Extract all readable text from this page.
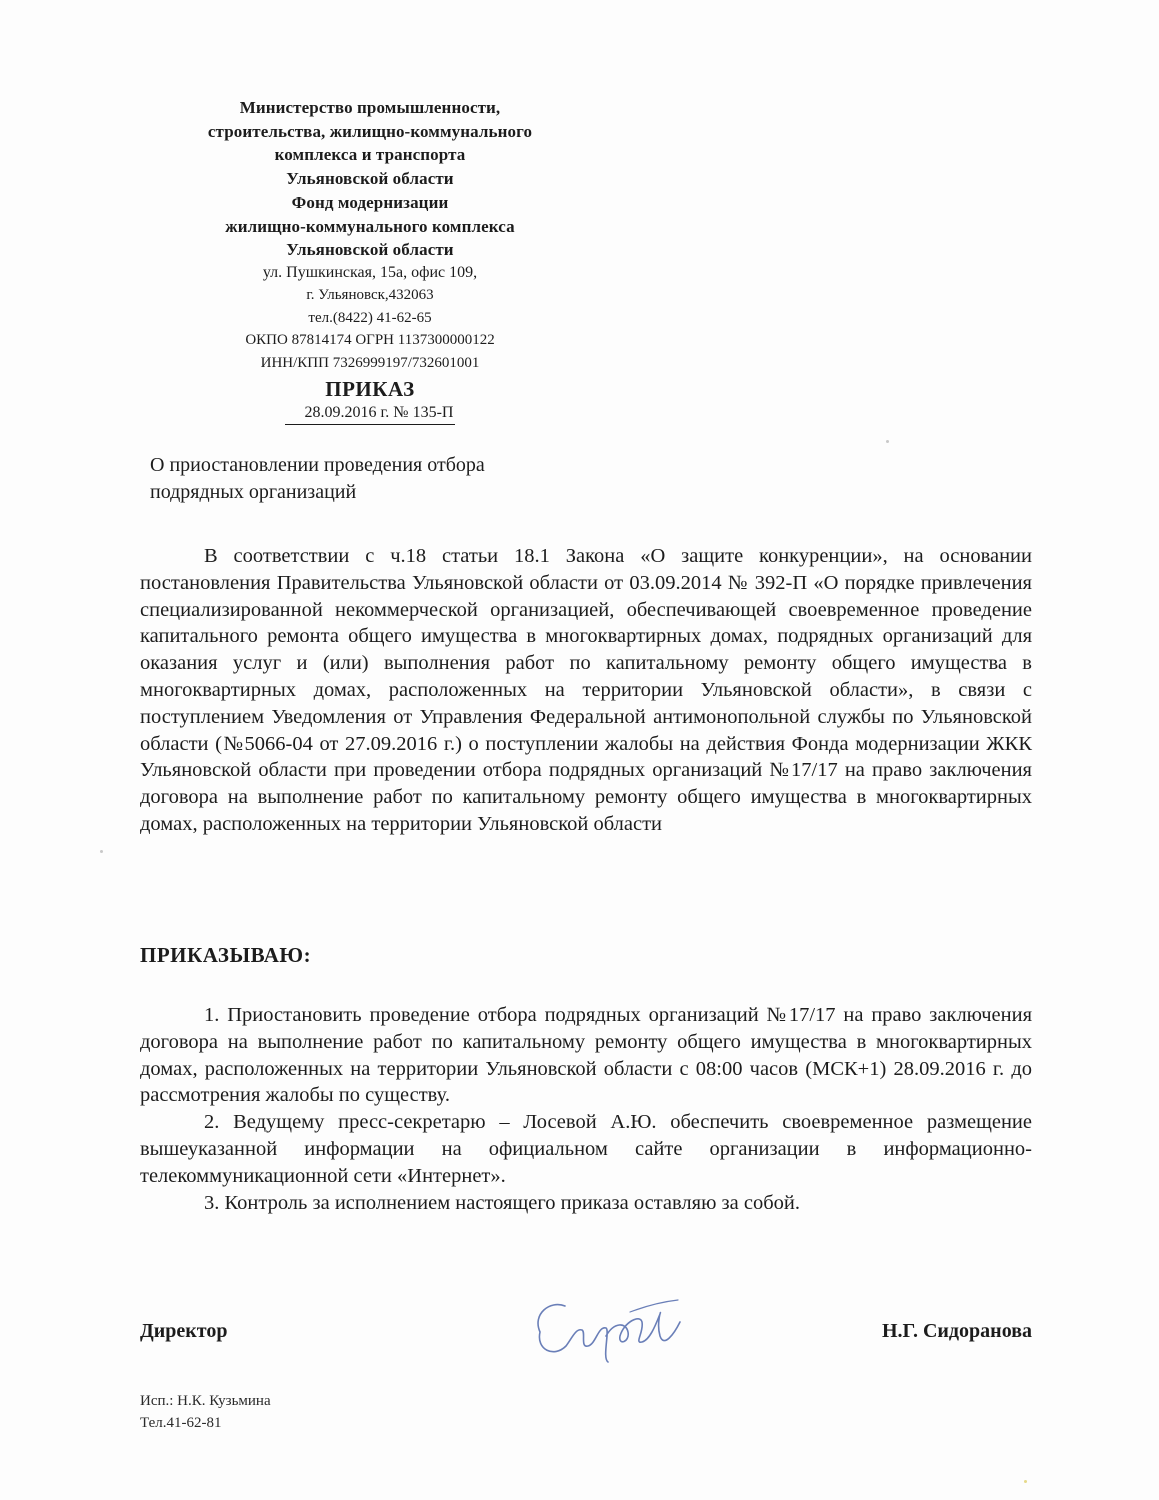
Министерство промышленности,
строительства, жилищно-коммунального
комплекса и транспорта
Ульяновской области
Фонд модернизации
жилищно-коммунального комплекса
Ульяновской области
ул. Пушкинская, 15а, офис 109,
г. Ульяновск,432063
тел.(8422) 41-62-65
ОКПО 87814174 ОГРН 1137300000122
ИНН/КПП 7326999197/732601001
ПРИКАЗ
28.09.2016 г. № 135-П
О приостановлении проведения отбора
подрядных организаций
В соответствии с ч.18 статьи 18.1 Закона «О защите конкуренции», на основании постановления Правительства Ульяновской области от 03.09.2014 № 392-П «О порядке привлечения специализированной некоммерческой организацией, обеспечивающей своевременное проведение капитального ремонта общего имущества в многоквартирных домах, подрядных организаций для оказания услуг и (или) выполнения работ по капитальному ремонту общего имущества в многоквартирных домах, расположенных на территории Ульяновской области», в связи с поступлением Уведомления от Управления Федеральной антимонопольной службы по Ульяновской области (№5066-04 от 27.09.2016 г.) о поступлении жалобы на действия Фонда модернизации ЖКК Ульяновской области при проведении отбора подрядных организаций №17/17 на право заключения договора на выполнение работ по капитальному ремонту общего имущества в многоквартирных домах, расположенных на территории Ульяновской области
ПРИКАЗЫВАЮ:

1. Приостановить проведение отбора подрядных организаций №17/17 на право заключения договора на выполнение работ по капитальному ремонту общего имущества в многоквартирных домах, расположенных на территории Ульяновской области с 08:00 часов (МСК+1) 28.09.2016 г. до рассмотрения жалобы по существу.

2. Ведущему пресс-секретарю – Лосевой А.Ю. обеспечить своевременное размещение вышеуказанной информации на официальном сайте организации в информационно-телекоммуникационной сети «Интернет».

3. Контроль за исполнением настоящего приказа оставляю за собой.

Директор	Н.Г. Сидоранова
Исп.: Н.К. Кузьмина
Тел.41-62-81
